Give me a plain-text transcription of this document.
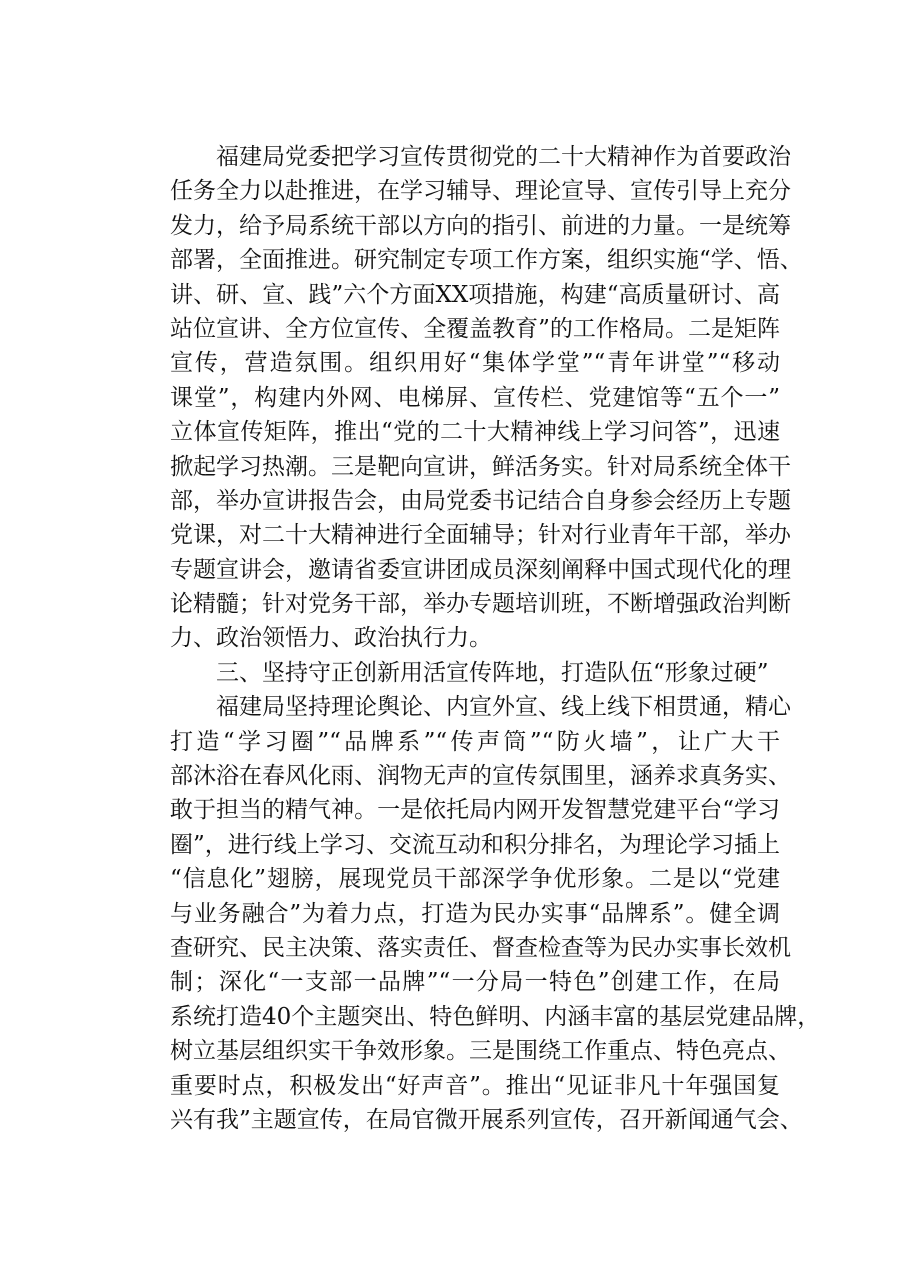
福建局党委把学习宣传贯彻党的二十大精神作为首要政治
任务全力以赴推进，在学习辅导、理论宣导、宣传引导上充分
发力，给予局系统干部以方向的指引、前进的力量。一是统筹
部署，全面推进。研究制定专项工作方案，组织实施“学、悟、
讲、研、宣、践”六个方面XX项措施，构建“高质量研讨、高
站位宣讲、全方位宣传、全覆盖教育”的工作格局。二是矩阵
宣传，营造氛围。组织用好“集体学堂”“青年讲堂”“移动
课堂”，构建内外网、电梯屏、宣传栏、党建馆等“五个一”
立体宣传矩阵，推出“党的二十大精神线上学习问答”，迅速
掀起学习热潮。三是靶向宣讲，鲜活务实。针对局系统全体干
部，举办宣讲报告会，由局党委书记结合自身参会经历上专题
党课，对二十大精神进行全面辅导；针对行业青年干部，举办
专题宣讲会，邀请省委宣讲团成员深刻阐释中国式现代化的理
论精髓；针对党务干部，举办专题培训班，不断增强政治判断
力、政治领悟力、政治执行力。
三、坚持守正创新用活宣传阵地，打造队伍“形象过硬”
福建局坚持理论舆论、内宣外宣、线上线下相贯通，精心
打造“学习圈”“品牌系”“传声筒”“防火墙”，让广大干
部沐浴在春风化雨、润物无声的宣传氛围里，涵养求真务实、
敢于担当的精气神。一是依托局内网开发智慧党建平台“学习
圈”，进行线上学习、交流互动和积分排名，为理论学习插上
“信息化”翅膀，展现党员干部深学争优形象。二是以“党建
与业务融合”为着力点，打造为民办实事“品牌系”。健全调
查研究、民主决策、落实责任、督查检查等为民办实事长效机
制；深化“一支部一品牌”“一分局一特色”创建工作，在局
系统打造40个主题突出、特色鲜明、内涵丰富的基层党建品牌，
树立基层组织实干争效形象。三是围绕工作重点、特色亮点、
重要时点，积极发出“好声音”。推出“见证非凡十年强国复
兴有我”主题宣传，在局官微开展系列宣传，召开新闻通气会、
